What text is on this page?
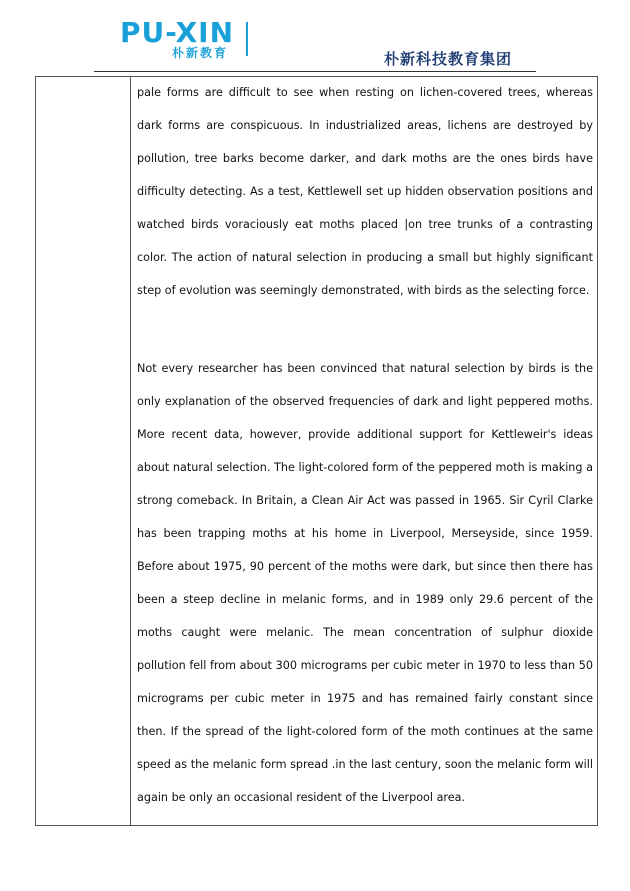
PU-XIN
朴新教育	朴新科技教育集团

pale forms are difficult to see when resting on lichen-covered trees, whereas dark forms are conspicuous. In industrialized areas, lichens are destroyed by pollution, tree barks become darker, and dark moths are the ones birds have difficulty detecting. As a test, Kettlewell set up hidden observation positions and watched birds voraciously eat moths placed |on tree trunks of a contrasting color. The action of natural selection in producing a small but highly significant step of evolution was seemingly demonstrated, with birds as the selecting force.

Not every researcher has been convinced that natural selection by birds is the only explanation of the observed frequencies of dark and light peppered moths. More recent data, however, provide additional support for Kettleweir's ideas about natural selection. The light-colored form of the peppered moth is making a strong comeback. In Britain, a Clean Air Act was passed in 1965. Sir Cyril Clarke has been trapping moths at his home in Liverpool, Merseyside, since 1959. Before about 1975, 90 percent of the moths were dark, but since then there has been a steep decline in melanic forms, and in 1989 only 29.6 percent of the moths caught were melanic. The mean concentration of sulphur dioxide pollution fell from about 300 micrograms per cubic meter in 1970 to less than 50 micrograms per cubic meter in 1975 and has remained fairly constant since then. If the spread of the light-colored form of the moth continues at the same speed as the melanic form spread .in the last century, soon the melanic form will again be only an occasional resident of the Liverpool area.
